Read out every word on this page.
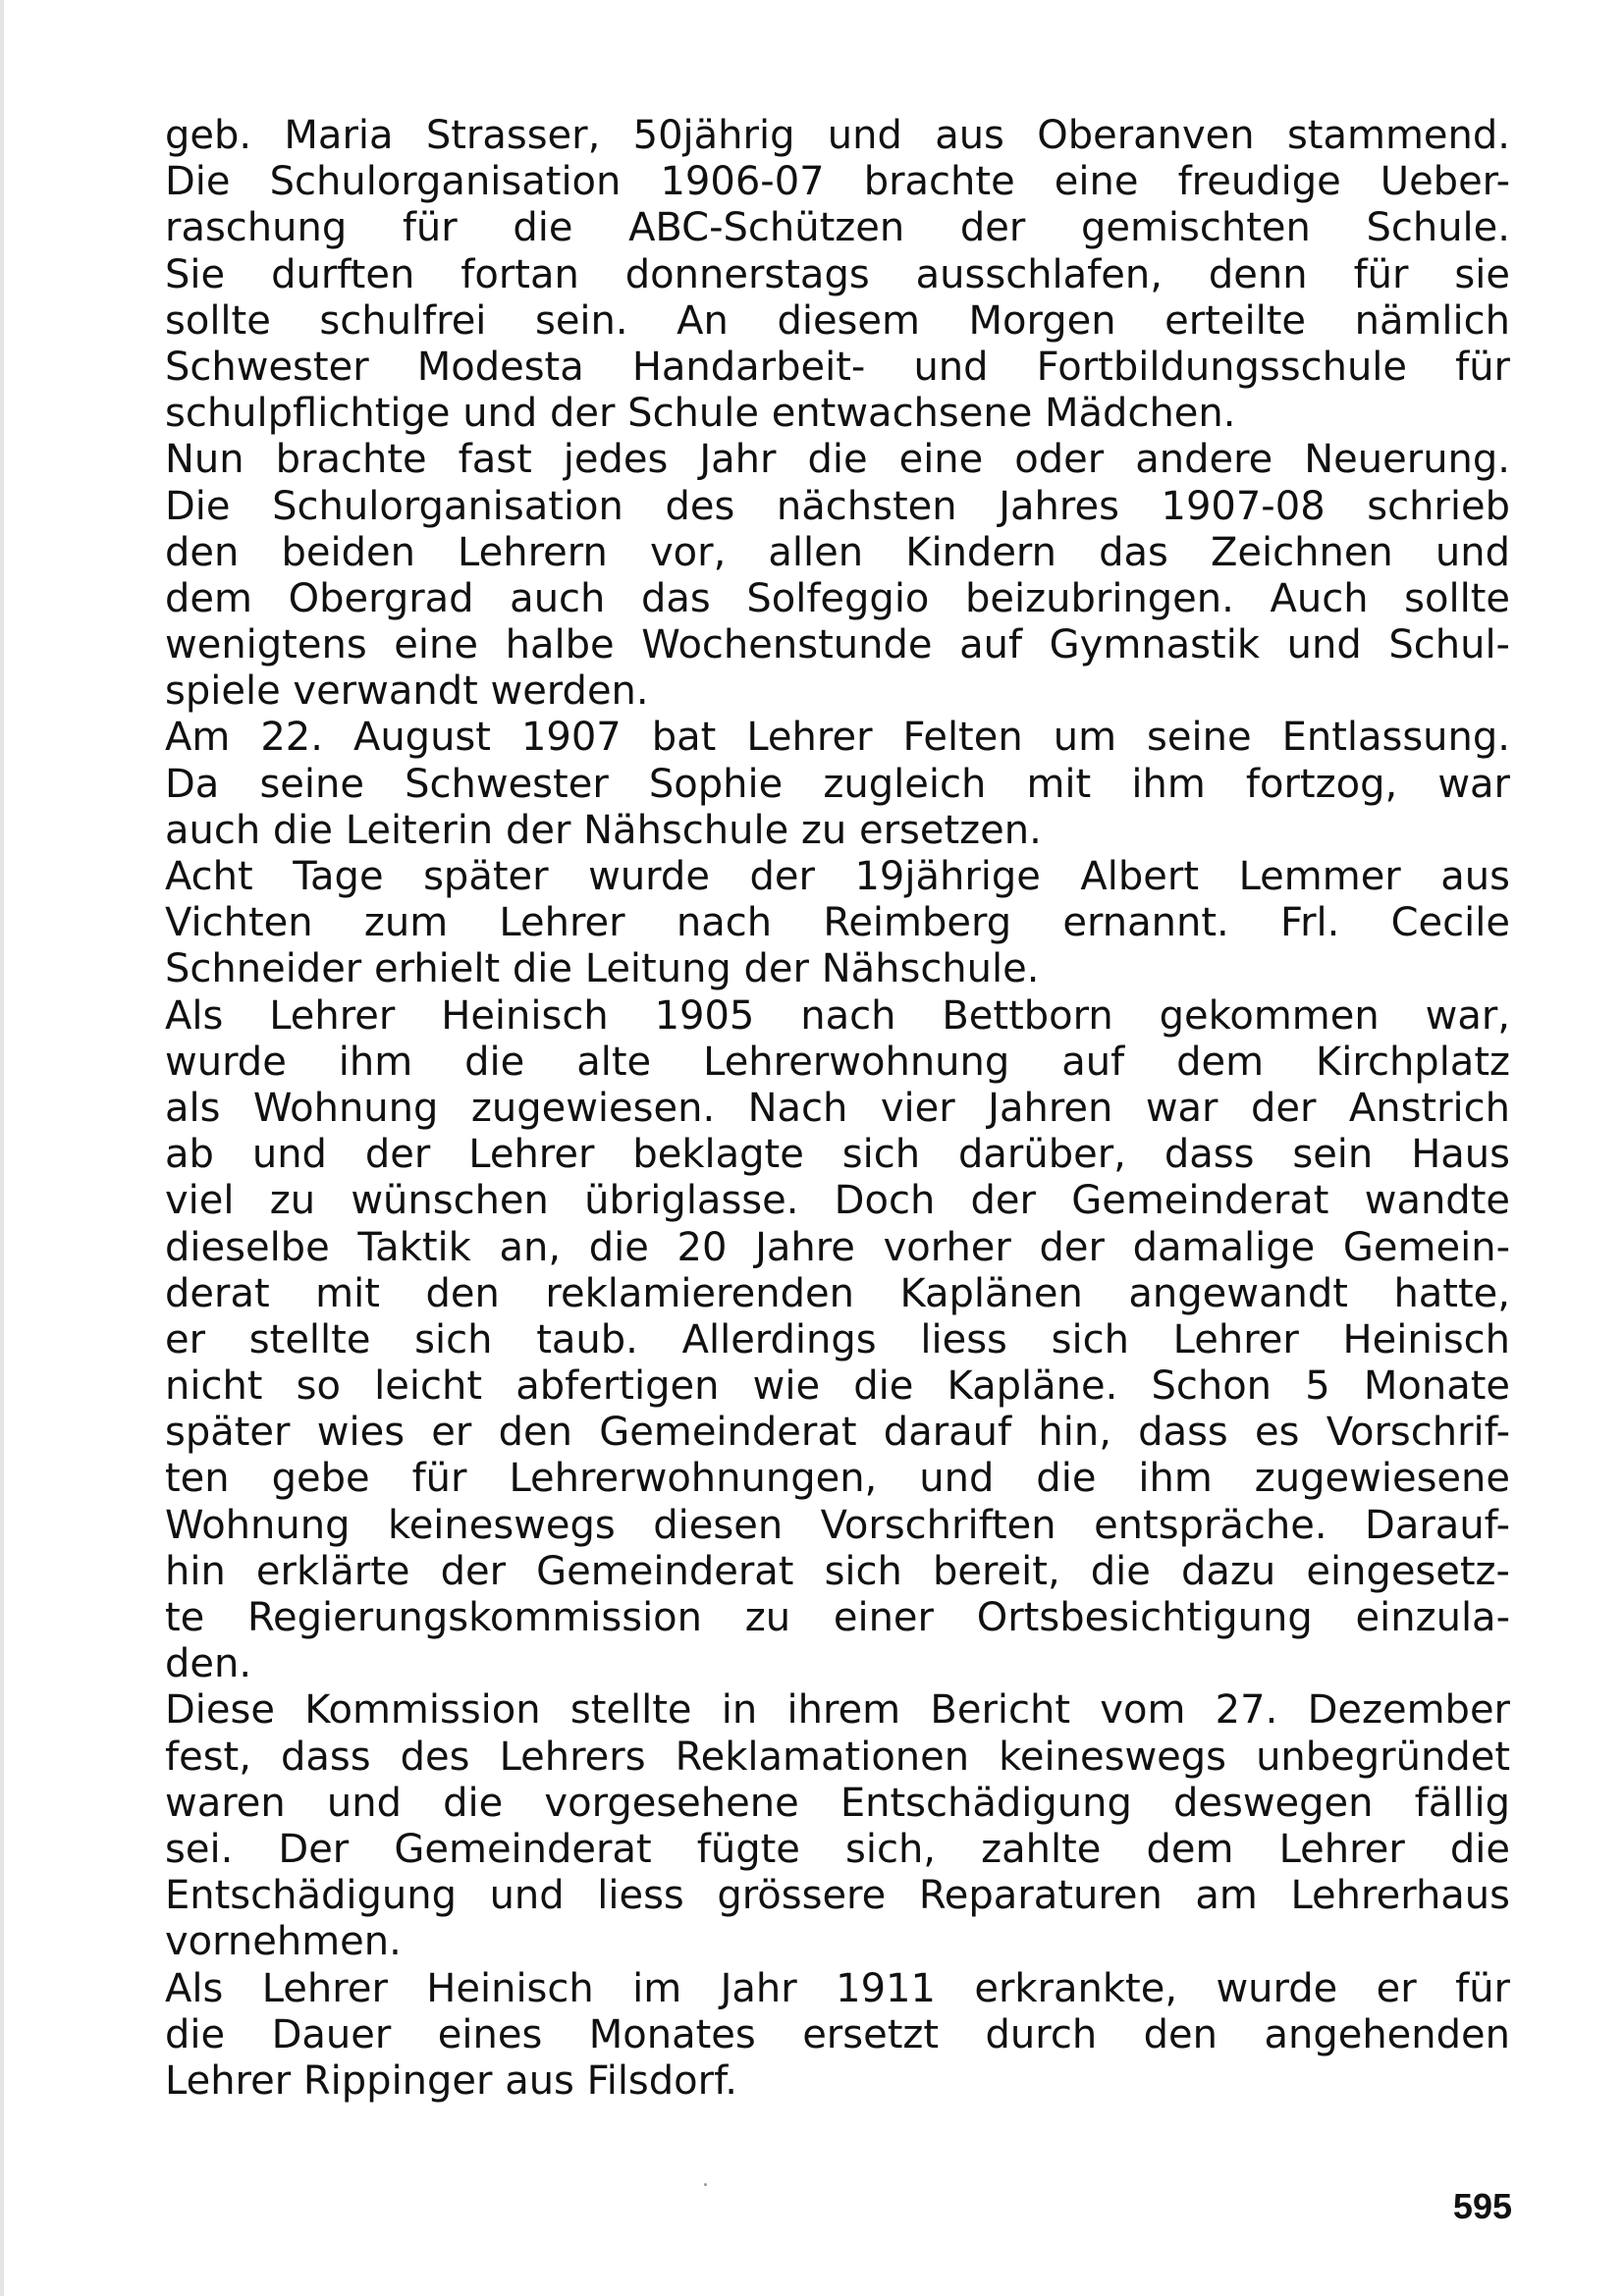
geb. Maria Strasser, 50jährig und aus Oberanven stammend.
Die Schulorganisation 1906-07 brachte eine freudige Ueber-
raschung für die ABC-Schützen der gemischten Schule.
Sie durften fortan donnerstags ausschlafen, denn für sie
sollte schulfrei sein. An diesem Morgen erteilte nämlich
Schwester Modesta Handarbeit- und Fortbildungsschule für
schulpflichtige und der Schule entwachsene Mädchen.
Nun brachte fast jedes Jahr die eine oder andere Neuerung.
Die Schulorganisation des nächsten Jahres 1907-08 schrieb
den beiden Lehrern vor, allen Kindern das Zeichnen und
dem Obergrad auch das Solfeggio beizubringen. Auch sollte
wenigtens eine halbe Wochenstunde auf Gymnastik und Schul-
spiele verwandt werden.
Am 22. August 1907 bat Lehrer Felten um seine Entlassung.
Da seine Schwester Sophie zugleich mit ihm fortzog, war
auch die Leiterin der Nähschule zu ersetzen.
Acht Tage später wurde der 19jährige Albert Lemmer aus
Vichten zum Lehrer nach Reimberg ernannt. Frl. Cecile
Schneider erhielt die Leitung der Nähschule.
Als Lehrer Heinisch 1905 nach Bettborn gekommen war,
wurde ihm die alte Lehrerwohnung auf dem Kirchplatz
als Wohnung zugewiesen. Nach vier Jahren war der Anstrich
ab und der Lehrer beklagte sich darüber, dass sein Haus
viel zu wünschen übriglasse. Doch der Gemeinderat wandte
dieselbe Taktik an, die 20 Jahre vorher der damalige Gemein-
derat mit den reklamierenden Kaplänen angewandt hatte,
er stellte sich taub. Allerdings liess sich Lehrer Heinisch
nicht so leicht abfertigen wie die Kapläne. Schon 5 Monate
später wies er den Gemeinderat darauf hin, dass es Vorschrif-
ten gebe für Lehrerwohnungen, und die ihm zugewiesene
Wohnung keineswegs diesen Vorschriften entspräche. Darauf-
hin erklärte der Gemeinderat sich bereit, die dazu eingesetz-
te Regierungskommission zu einer Ortsbesichtigung einzula-
den.
Diese Kommission stellte in ihrem Bericht vom 27. Dezember
fest, dass des Lehrers Reklamationen keineswegs unbegründet
waren und die vorgesehene Entschädigung deswegen fällig
sei. Der Gemeinderat fügte sich, zahlte dem Lehrer die
Entschädigung und liess grössere Reparaturen am Lehrerhaus
vornehmen.
Als Lehrer Heinisch im Jahr 1911 erkrankte, wurde er für
die Dauer eines Monates ersetzt durch den angehenden
Lehrer Rippinger aus Filsdorf.
595
